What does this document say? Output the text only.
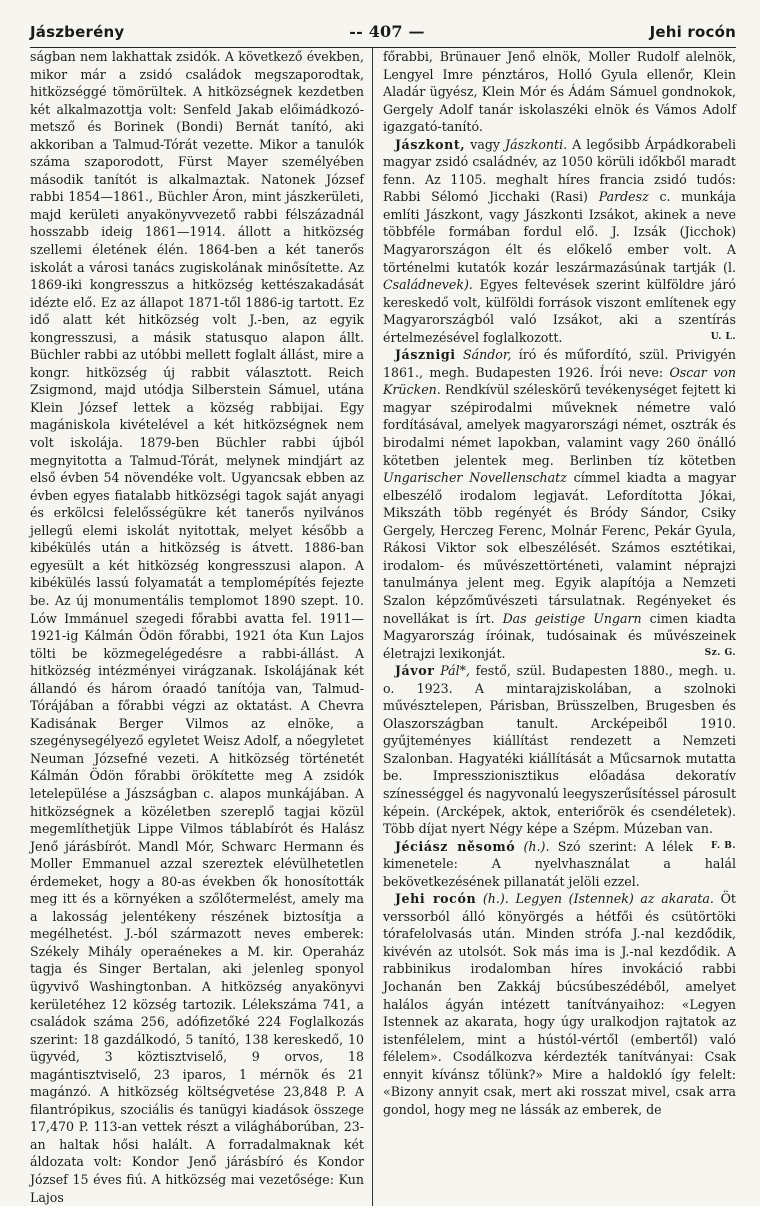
Jászberény	-- 407 —	Jehi rocón

ságban nem lakhattak zsidók. A következő években, mikor már a zsidó családok megszaporodtak, hitközséggé tömörültek. A hitközségnek kezdetben két alkalmazottja volt: Senfeld Jakab előimádkozó-metsző és Borinek (Bondi) Bernát tanító, aki akkoriban a Talmud-Tórát vezette. Mikor a tanulók száma szaporodott, Fürst Mayer személyében második tanítót is alkalmaztak. Natonek József rabbi 1854—1861., Büchler Áron, mint jászkerületi, majd kerületi anyakönyvvezető rabbi félszázadnál hosszabb ideig 1861—1914. állott a hitközség szellemi életének élén. 1864-ben a két tanerős iskolát a városi tanács zugiskolának minősítette. Az 1869-iki kongresszus a hitközség kettészakadását idézte elő. Ez az állapot 1871-től 1886-ig tartott. Ez idő alatt két hitközség volt J.-ben, az egyik kongresszusi, a másik statusquo alapon állt. Büchler rabbi az utóbbi mellett foglalt állást, mire a kongr. hitközség új rabbit választott. Reich Zsigmond, majd utódja Silberstein Sámuel, utána Klein József lettek a község rabbijai. Egy magániskola kivételével a két hitközségnek nem volt iskolája. 1879-ben Büchler rabbi újból megnyitotta a Talmud-Tórát, melynek mindjárt az első évben 54 növendéke volt. Ugyancsak ebben az évben egyes fiatalabb hitközségi tagok saját anyagi és erkölcsi felelősségükre két tanerős nyilvános jellegű elemi iskolát nyitottak, melyet később a kibékülés után a hitközség is átvett. 1886-ban egyesült a két hitközség kongresszusi alapon. A kibékülés lassú folyamatát a templomépítés fejezte be. Az új monumentális templomot 1890 szept. 10. Lów Immánuel szegedi főrabbi avatta fel. 1911—1921-ig Kálmán Ödön főrabbi, 1921 óta Kun Lajos tölti be közmegelégedésre a rabbi-állást. A hitközség intézményei virágzanak. Iskolájának két állandó és három óraadó tanítója van, Talmud-Tórájában a főrabbi végzi az oktatást. A Chevra Kadisának Berger Vilmos az elnöke, a szegénysegélyező egyletet Weisz Adolf, a nőegyletet Neuman Józsefné vezeti. A hitközség történetét Kálmán Ödön főrabbi örökítette meg A zsidók letelepülése a Jászságban c. alapos munkájában. A hitközségnek a közéletben szereplő tagjai közül megemlíthetjük Lippe Vilmos táblabírót és Halász Jenő járásbírót. Mandl Mór, Schwarc Hermann és Moller Emmanuel azzal szereztek elévülhetetlen érdemeket, hogy a 80-as években ők honosították meg itt és a környéken a szőlőtermelést, amely ma a lakosság jelentékeny részének biztosítja a megélhetést. J.-ból származott neves emberek: Székely Mihály operaénekes a M. kir. Operaház tagja és Singer Bertalan, aki jelenleg sponyol ügyvivő Washingtonban. A hitközség anyakönyvi kerületéhez 12 község tartozik. Lélekszáma 741, a családok száma 256, adófizetőké 224 Foglalkozás szerint: 18 gazdálkodó, 5 tanító, 138 kereskedő, 10 ügyvéd, 3 köztisztviselő, 9 orvos, 18 magántisztviselő, 23 iparos, 1 mérnök és 21 magánzó. A hitközség költségvetése 23,848 P. A filantrópikus, szociális és tanügyi kiadások összege 17,470 P. 113-an vettek részt a világháborúban, 23-an haltak hősi halált. A forradalmaknak két áldozata volt: Kondor Jenő járásbíró és Kondor József 15 éves fiú. A hitközség mai vezetősége: Kun Lajos

főrabbi, Brünauer Jenő elnök, Moller Rudolf alelnök, Lengyel Imre pénztáros, Holló Gyula ellenőr, Klein Aladár ügyész, Klein Mór és Ádám Sámuel gondnokok, Gergely Adolf tanár iskolaszéki elnök és Vámos Adolf igazgató-tanító.

Jászkont, vagy Jászkonti. A legősibb Árpádkorabeli magyar zsidó családnév, az 1050 körüli időkből maradt fenn. Az 1105. meghalt híres francia zsidó tudós: Rabbi Sélomó Jicchaki (Rasi) Pardesz c. munkája említi Jászkont, vagy Jászkonti Izsákot, akinek a neve többféle formában fordul elő. J. Izsák (Jicchok) Magyarországon élt és előkelő ember volt. A történelmi kutatók kozár leszármazásúnak tartják (l. Családnevek). Egyes feltevések szerint külföldre járó kereskedő volt, külföldi források viszont említenek egy Magyarországból való Izsákot, aki a szentírás értelmezésével foglalkozott.	U. L.

Jásznigi Sándor, író és műfordító, szül. Privigyén 1861., megh. Budapesten 1926. Írói neve: Oscar von Krücken. Rendkívül széleskörű tevékenységet fejtett ki magyar szépirodalmi műveknek németre való fordításával, amelyek magyarországi német, osztrák és birodalmi német lapokban, valamint vagy 260 önálló kötetben jelentek meg. Berlinben tíz kötetben Ungarischer Novellenschatz címmel kiadta a magyar elbeszélő irodalom legjavát. Lefordította Jókai, Mikszáth több regényét és Bródy Sándor, Csiky Gergely, Herczeg Ferenc, Molnár Ferenc, Pekár Gyula, Rákosi Viktor sok elbeszélését. Számos esztétikai, irodalom- és művészettörténeti, valamint néprajzi tanulmánya jelent meg. Egyik alapítója a Nemzeti Szalon képzőművészeti társulatnak. Regényeket és novellákat is írt. Das geistige Ungarn cimen kiadta Magyarország íróinak, tudósainak és művészeinek életrajzi lexikonját.	Sz. G.

Jávor Pál*, festő, szül. Budapesten 1880., megh. u. o. 1923. A mintarajziskolában, a szolnoki művésztelepen, Párisban, Brüsszelben, Brugesben és Olaszországban tanult. Arcképeiből 1910. gyűjteményes kiállítást rendezett a Nemzeti Szalonban. Hagyatéki kiállítását a Műcsarnok mutatta be. Impresszionisztikus előadása dekoratív színességgel és nagyvonalú leegyszerűsítéssel párosult képein. (Arcképek, aktok, enteriőrök és csendéletek). Több díjat nyert Négy képe a Szépm. Múzeban van.
F. B.

Jéciász něsomó (h.). Szó szerint: A lélek kimenetele: A nyelvhasználat a halál bekövetkezésének pillanatát jelöli ezzel.

Jehi rocón (h.). Legyen (Istennek) az akarata. Öt verssorból álló könyörgés a hétfői és csütörtöki tórafelolvasás után. Minden strófa J.-nal kezdődik, kivévén az utolsót. Sok más ima is J.-nal kezdődik. A rabbinikus irodalomban híres invokáció rabbi Jochanán ben Zakkáj búcsúbeszédéből, amelyet halálos ágyán intézett tanítványaihoz: «Legyen Istennek az akarata, hogy úgy uralkodjon rajtatok az istenfélelem, mint a hústól-vértől (embertől) való félelem». Csodálkozva kérdezték tanítványai: Csak ennyit kívánsz tőlünk?» Mire a haldokló így felelt: «Bizony annyit csak, mert aki rosszat mivel, csak arra gondol, hogy meg ne lássák az emberek, de
